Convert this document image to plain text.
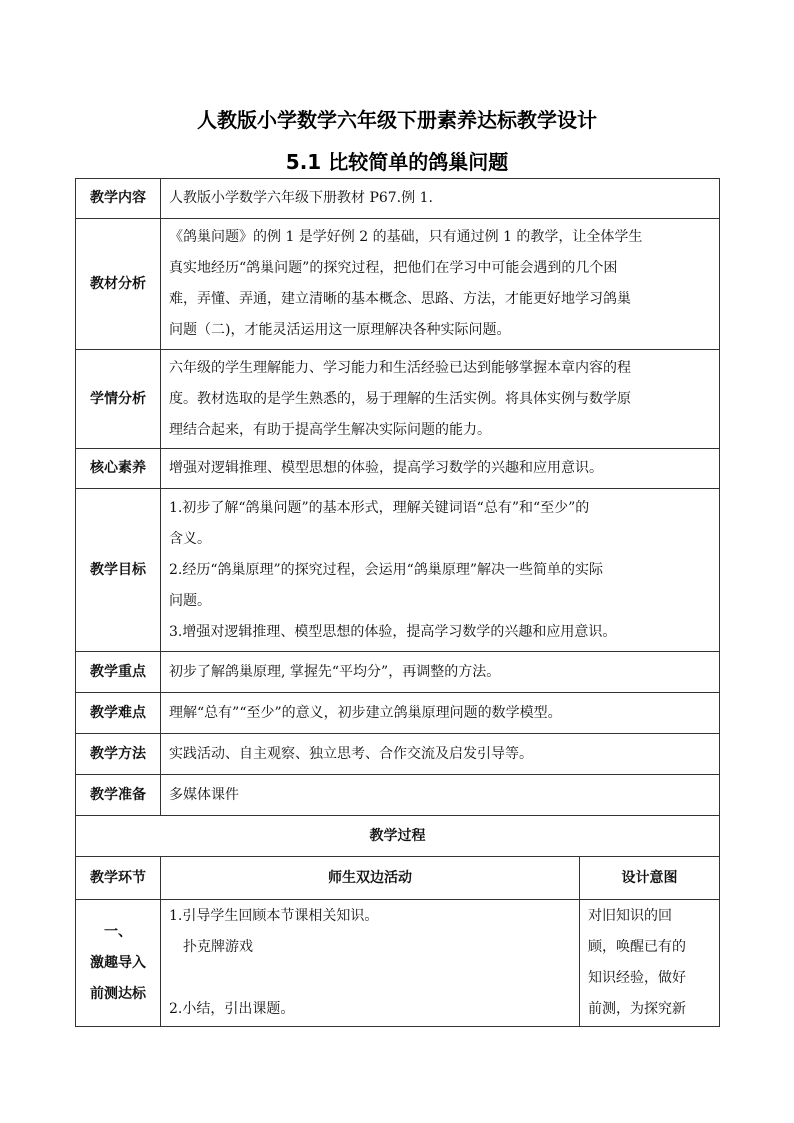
人教版小学数学六年级下册素养达标教学设计
5.1 比较简单的鸽巢问题
教学内容	人教版小学数学六年级下册教材 P67.例 1.	
教材分析	《鸽巢问题》的例 1 是学好例 2 的基础，只有通过例 1 的教学，让全体学生
真实地经历“鸽巢问题”的探究过程，把他们在学习中可能会遇到的几个困
难，弄懂、弄通，建立清晰的基本概念、思路、方法，才能更好地学习鸽巢
问题（二)，才能灵活运用这一原理解决各种实际问题。	

学情分析	六年级的学生理解能力、学习能力和生活经验已达到能够掌握本章内容的程
度。教材选取的是学生熟悉的，易于理解的生活实例。将具体实例与数学原
理结合起来，有助于提高学生解决实际问题的能力。	

核心素养	增强对逻辑推理、模型思想的体验，提高学习数学的兴趣和应用意识。	
教学目标	1.初步了解“鸽巢问题”的基本形式，理解关键词语“总有”和“至少”的
含义。
2.经历“鸽巢原理”的探究过程，会运用“鸽巢原理”解决一些简单的实际
问题。
3.增强对逻辑推理、模型思想的体验，提高学习数学的兴趣和应用意识。	

教学重点	初步了解鸽巢原理, 掌握先“平均分”，再调整的方法。	
教学难点	理解“总有”“至少”的意义，初步建立鸽巢原理问题的数学模型。	
教学方法	实践活动、自主观察、独立思考、合作交流及启发引导等。	
教学准备	多媒体课件	
教学过程		
教学环节	师生双边活动	设计意图

一、
激趣导入
前测达标	1.引导学生回顾本节课相关知识。
扑克牌游戏
2.小结，引出课题。	对旧知识的回
顾，唤醒已有的
知识经验，做好
前测，为探究新
